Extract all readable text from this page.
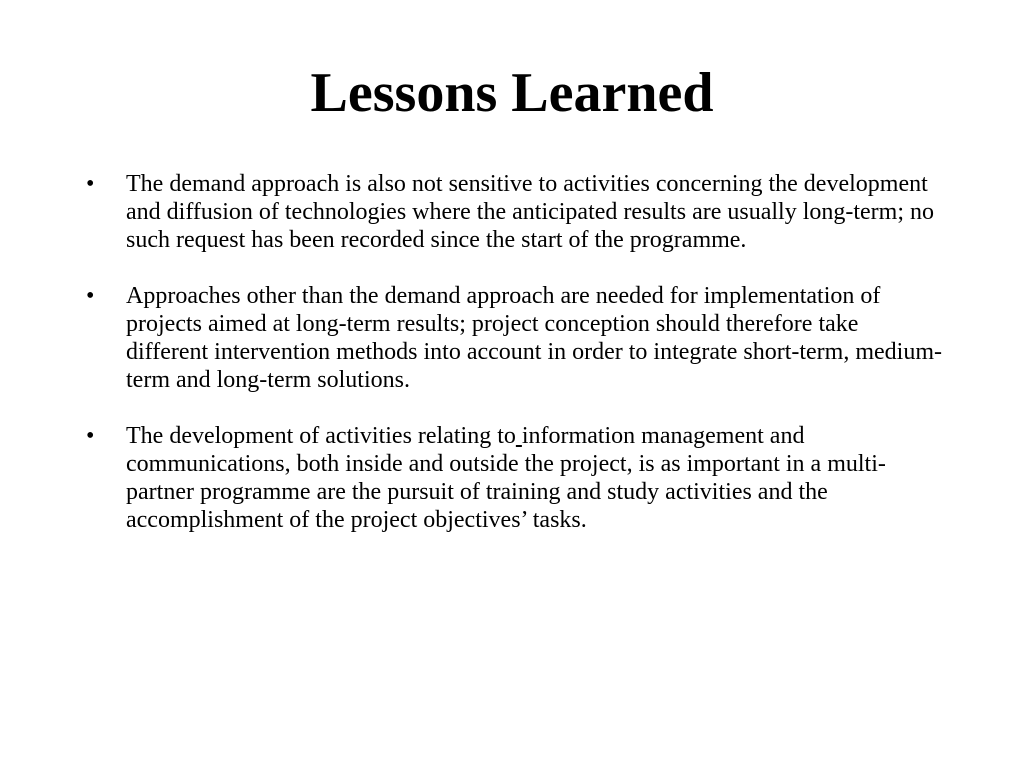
Lessons Learned
•	The demand approach is also not sensitive to activities concerning the development and diffusion of technologies where the anticipated results are usually long-term; no such request has been recorded since the start of the programme.
•	Approaches other than the demand approach are needed for implementation of projects aimed at long-term results; project conception should therefore take different intervention methods into account in order to integrate short-term, medium-term and long-term solutions.
•	The development of activities relating to information management and communications, both inside and outside the project, is as important in a multi-partner programme are the pursuit of training and study activities and the accomplishment of the project objectives’ tasks.
